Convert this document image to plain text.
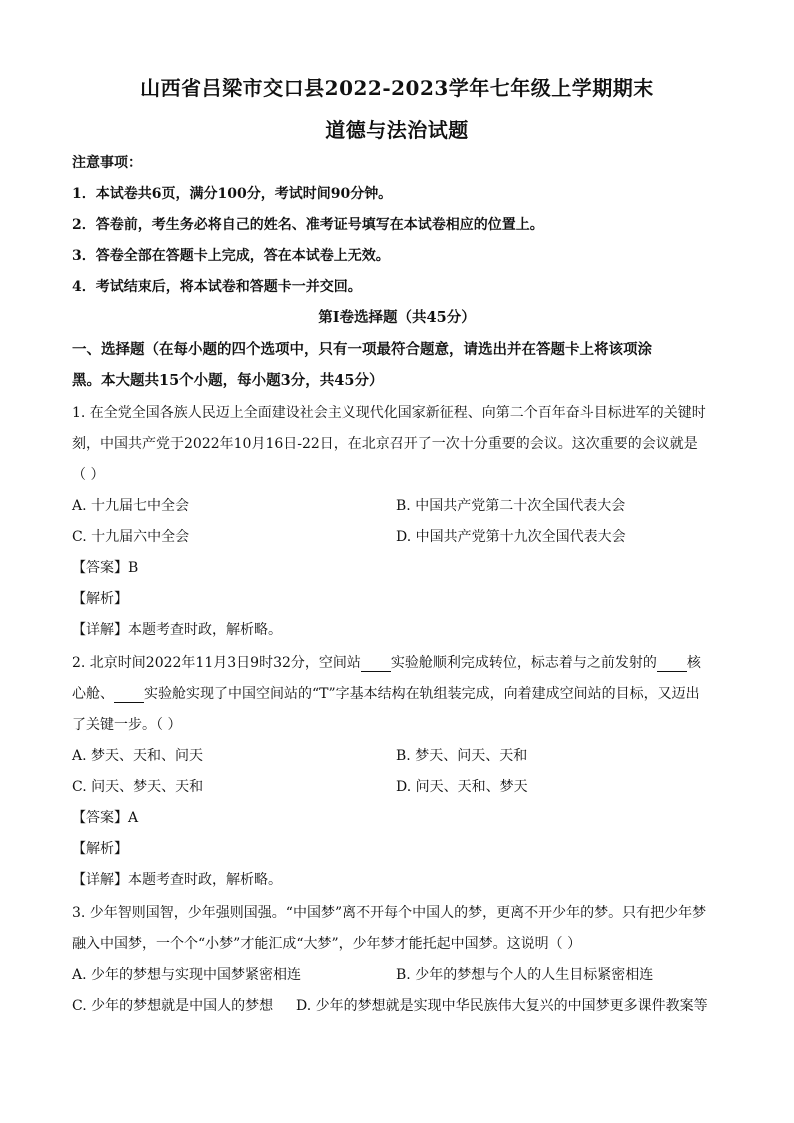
山西省吕梁市交口县2022-2023学年七年级上学期期末
道德与法治试题
注意事项：
1．本试卷共6页，满分100分，考试时间90分钟。
2．答卷前，考生务必将自己的姓名、准考证号填写在本试卷相应的位置上。
3．答卷全部在答题卡上完成，答在本试卷上无效。
4．考试结束后，将本试卷和答题卡一并交回。
第Ⅰ卷选择题（共45分）
一、选择题（在每小题的四个选项中，只有一项最符合题意，请选出并在答题卡上将该项涂
黑。本大题共15个小题，每小题3分，共45分）
1. 在全党全国各族人民迈上全面建设社会主义现代化国家新征程、向第二个百年奋斗目标进军的关键时
刻，中国共产党于2022年10月16日-22日，在北京召开了一次十分重要的会议。这次重要的会议就是
（ ）
A. 十九届七中全会	B. 中国共产党第二十次全国代表大会
C. 十九届六中全会	D. 中国共产党第十九次全国代表大会
【答案】B
【解析】
【详解】本题考查时政，解析略。
2. 北京时间2022年11月3日9时32分，空间站 实验舱顺利完成转位，标志着与之前发射的 核
心舱、 实验舱实现了中国空间站的“T”字基本结构在轨组装完成，向着建成空间站的目标，又迈出
了关键一步。（ ）
A. 梦天、天和、问天	B. 梦天、问天、天和
C. 问天、梦天、天和	D. 问天、天和、梦天
【答案】A
【解析】
【详解】本题考查时政，解析略。
3. 少年智则国智，少年强则国强。“中国梦”离不开每个中国人的梦，更离不开少年的梦。只有把少年梦
融入中国梦，一个个“小梦”才能汇成“大梦”，少年梦才能托起中国梦。这说明（ ）
A. 少年的梦想与实现中国梦紧密相连	B. 少年的梦想与个人的人生目标紧密相连
C. 少年的梦想就是中国人的梦想 D. 少年的梦想就是实现中华民族伟大复兴的中国梦更多课件教案等
